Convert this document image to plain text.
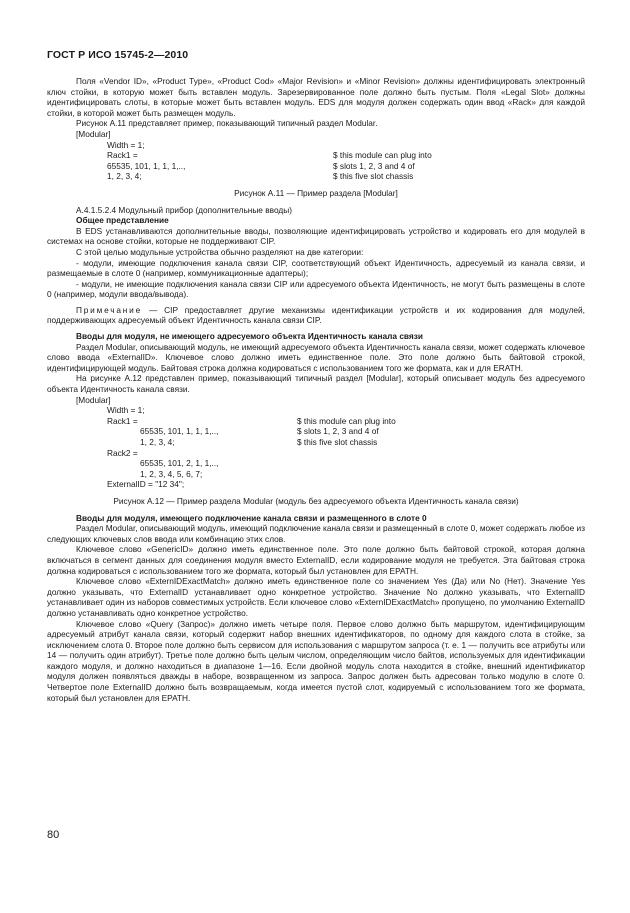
ГОСТ Р ИСО 15745-2—2010

Поля «Vendor ID», «Product Type», «Product Cod» «Major Revision» и «Minor Revision» должны идентифицировать электронный ключ стойки, в которую может быть вставлен модуль. Зарезервированное поле должно быть пустым. Поля «Legal Slot» должны идентифицировать слоты, в которые может быть вставлен модуль. EDS для модуля должен содержать один ввод «Rack» для каждой стойки, в которой может быть размещен модуль.

Рисунок А.11 представляет пример, показывающий типичный раздел Modular.

[Modular]
Width = 1;
Rack1 =	$ this module can plug into
65535, 101, 1, 1, 1,..,	$ slots 1, 2, 3 and 4 of
1, 2, 3, 4;	$ this five slot chassis

Рисунок А.11 — Пример раздела [Modular]

А.4.1.5.2.4 Модульный прибор (дополнительные вводы)

Общее представление

В EDS устанавливаются дополнительные вводы, позволяющие идентифицировать устройство и кодировать его для модулей в системах на основе стойки, которые не поддерживают CIP.

С этой целью модульные устройства обычно разделяют на две категории:

- модули, имеющие подключения канала связи CIP, соответствующий объект Идентичность, адресуемый из канала связи, и размещаемые в слоте 0 (например, коммуникационные адаптеры);

- модули, не имеющие подключения канала связи CIP или адресуемого объекта Идентичность, не могут быть размещены в слоте 0 (например, модули ввода/вывода).

Примечание — CIP предоставляет другие механизмы идентификации устройств и их кодирования для модулей, поддерживающих адресуемый объект Идентичность канала связи CIP.

Вводы для модуля, не имеющего адресуемого объекта Идентичность канала связи

Раздел Modular, описывающий модуль, не имеющий адресуемого объекта Идентичность канала связи, может содержать ключевое слово ввода «ExternalID». Ключевое слово должно иметь единственное поле. Это поле должно быть байтовой строкой, идентифицирующей модуль. Байтовая строка должна кодироваться с использованием того же формата, как и для ERATH.

На рисунке А.12 представлен пример, показывающий типичный раздел [Modular], который описывает модуль без адресуемого объекта Идентичность канала связи.

[Modular]
Width = 1;
Rack1 =	$ this module can plug into
65535, 101, 1, 1, 1,..,	$ slots 1, 2, 3 and 4 of
1, 2, 3, 4;	$ this five slot chassis
Rack2 =
65535, 101, 2, 1, 1,..,
1, 2, 3, 4, 5, 6, 7;
ExternalID = "12 34";

Рисунок А.12 — Пример раздела Modular (модуль без адресуемого объекта Идентичность канала связи)

Вводы для модуля, имеющего подключение канала связи и размещенного в слоте 0

Раздел Modular, описывающий модуль, имеющий подключение канала связи и размещенный в слоте 0, может содержать любое из следующих ключевых слов ввода или комбинацию этих слов.

Ключевое слово «GenericID» должно иметь единственное поле. Это поле должно быть байтовой строкой, которая должна включаться в сегмент данных для соединения модуля вместо ExternalID, если кодирование модуля не требуется. Эта байтовая строка должна кодироваться с использованием того же формата, который был установлен для EPATH.

Ключевое слово «ExternIDExactMatch» должно иметь единственное поле со значением Yes (Да) или No (Нет). Значение Yes должно указывать, что ExternalID устанавливает одно конкретное устройство. Значение No должно указывать, что ExternalID устанавливает один из наборов совместимых устройств. Если ключевое слово «ExternIDExactMatch» пропущено, по умолчанию ExternalID должно устанавливать одно конкретное устройство.

Ключевое слово «Query (Запрос)» должно иметь четыре поля. Первое слово должно быть маршрутом, идентифицирующим адресуемый атрибут канала связи, который содержит набор внешних идентификаторов, по одному для каждого слота в стойке, за исключением слота 0. Второе поле должно быть сервисом для использования с маршрутом запроса (т. е. 1 — получить все атрибуты или 14 — получить один атрибут). Третье поле должно быть целым числом, определяющим число байтов, используемых для идентификации каждого модуля, и должно находиться в диапазоне 1—16. Если двойной модуль слота находится в стойке, внешний идентификатор модуля должен появляться дважды в наборе, возвращенном из запроса. Запрос должен быть адресован только модулю в слоте 0. Четвертое поле ExternalID должно быть возвращаемым, когда имеется пустой слот, кодируемый с использованием того же формата, который был установлен для EPATH.

80
